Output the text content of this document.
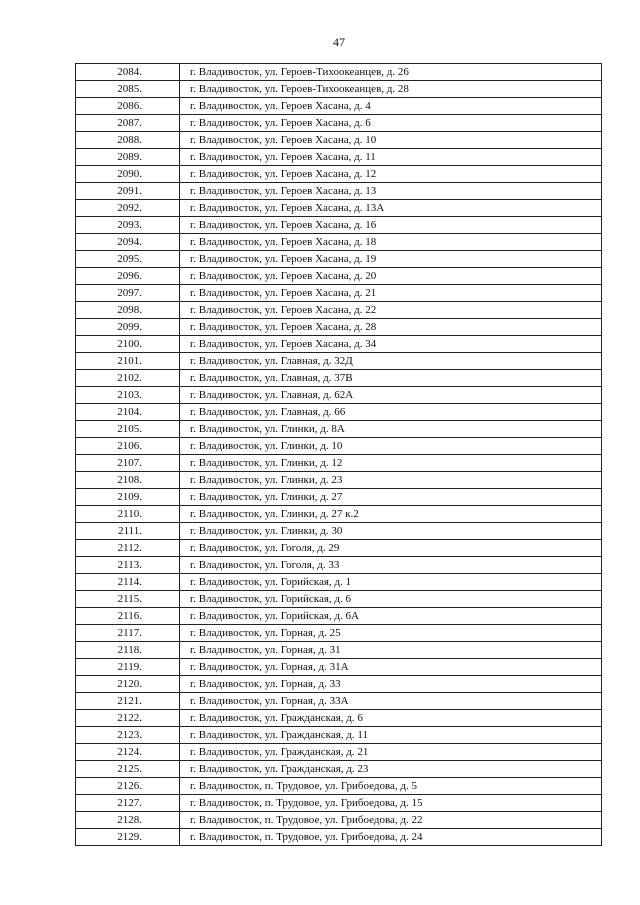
47
2084.	г. Владивосток, ул. Героев-Тихоокеанцев, д. 26
2085.	г. Владивосток, ул. Героев-Тихоокеанцев, д. 28
2086.	г. Владивосток, ул. Героев Хасана, д. 4
2087.	г. Владивосток, ул. Героев Хасана, д. 6
2088.	г. Владивосток, ул. Героев Хасана, д. 10
2089.	г. Владивосток, ул. Героев Хасана, д. 11
2090.	г. Владивосток, ул. Героев Хасана, д. 12
2091.	г. Владивосток, ул. Героев Хасана, д. 13
2092.	г. Владивосток, ул. Героев Хасана, д. 13А
2093.	г. Владивосток, ул. Героев Хасана, д. 16
2094.	г. Владивосток, ул. Героев Хасана, д. 18
2095.	г. Владивосток, ул. Героев Хасана, д. 19
2096.	г. Владивосток, ул. Героев Хасана, д. 20
2097.	г. Владивосток, ул. Героев Хасана, д. 21
2098.	г. Владивосток, ул. Героев Хасана, д. 22
2099.	г. Владивосток, ул. Героев Хасана, д. 28
2100.	г. Владивосток, ул. Героев Хасана, д. 34
2101.	г. Владивосток, ул. Главная, д. 32Д
2102.	г. Владивосток, ул. Главная, д. 37В
2103.	г. Владивосток, ул. Главная, д. 62А
2104.	г. Владивосток, ул. Главная, д. 66
2105.	г. Владивосток, ул. Глинки, д. 8А
2106.	г. Владивосток, ул. Глинки, д. 10
2107.	г. Владивосток, ул. Глинки, д. 12
2108.	г. Владивосток, ул. Глинки, д. 23
2109.	г. Владивосток, ул. Глинки, д. 27
2110.	г. Владивосток, ул. Глинки, д. 27 к.2
2111.	г. Владивосток, ул. Глинки, д. 30
2112.	г. Владивосток, ул. Гоголя, д. 29
2113.	г. Владивосток, ул. Гоголя, д. 33
2114.	г. Владивосток, ул. Горийская, д. 1
2115.	г. Владивосток, ул. Горийская, д. 6
2116.	г. Владивосток, ул. Горийская, д. 6А
2117.	г. Владивосток, ул. Горная, д. 25
2118.	г. Владивосток, ул. Горная, д. 31
2119.	г. Владивосток, ул. Горная, д. 31А
2120.	г. Владивосток, ул. Горная, д. 33
2121.	г. Владивосток, ул. Горная, д. 33А
2122.	г. Владивосток, ул. Гражданская, д. 6
2123.	г. Владивосток, ул. Гражданская, д. 11
2124.	г. Владивосток, ул. Гражданская, д. 21
2125.	г. Владивосток, ул. Гражданская, д. 23
2126.	г. Владивосток, п. Трудовое, ул. Грибоедова, д. 5
2127.	г. Владивосток, п. Трудовое, ул. Грибоедова, д. 15
2128.	г. Владивосток, п. Трудовое, ул. Грибоедова, д. 22
2129.	г. Владивосток, п. Трудовое, ул. Грибоедова, д. 24
